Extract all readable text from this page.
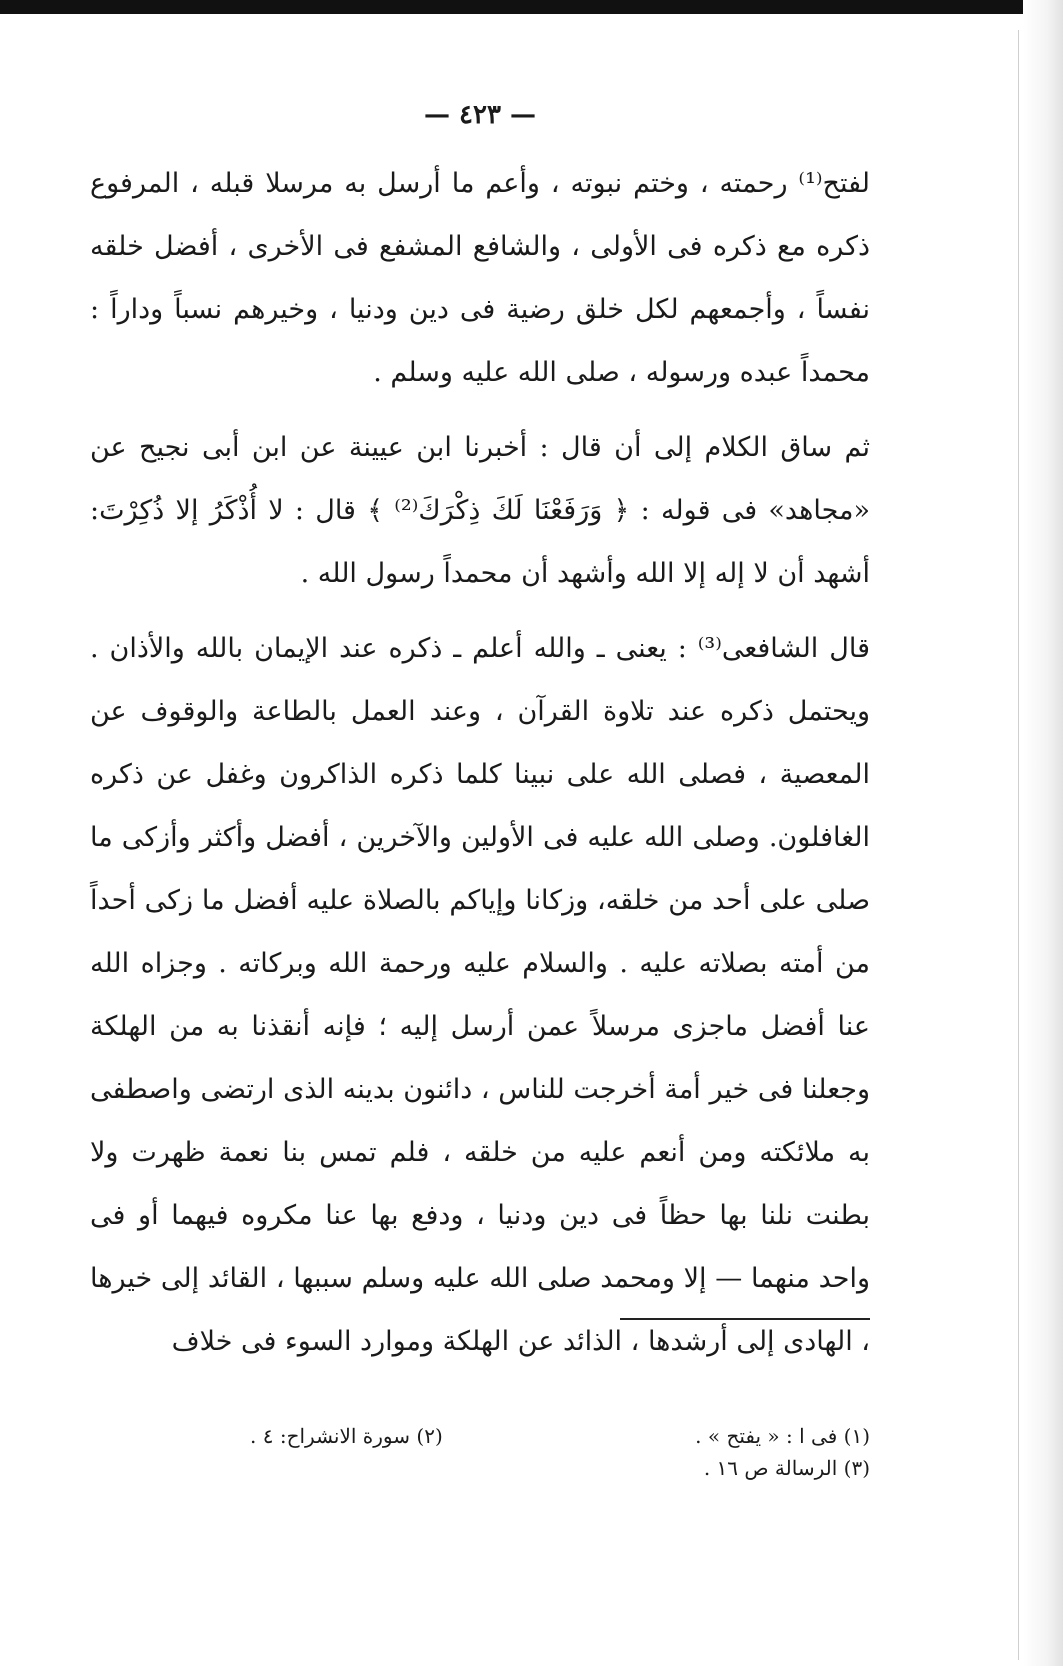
— ٤٢٣ —

لفتح⁽¹⁾ رحمته ، وختم نبوته ، وأعم ما أرسل به مرسلا قبله ، المرفوع ذكره مع ذكره فى الأولى ، والشافع المشفع فى الأخرى ، أفضل خلقه نفساً ، وأجمعهم لكل خلق رضية فى دين ودنيا ، وخيرهم نسباً وداراً : محمداً عبده ورسوله ، صلى الله عليه وسلم .

ثم ساق الكلام إلى أن قال : أخبرنا ابن عيينة عن ابن أبى نجيح عن «مجاهد» فى قوله : ﴿ وَرَفَعْنَا لَكَ ذِكْرَكَ⁽²⁾ ﴾ قال : لا أُذْكَرُ إلا ذُكِرْتَ: أشهد أن لا إله إلا الله وأشهد أن محمداً رسول الله .

قال الشافعى⁽³⁾ : يعنى ـ والله أعلم ـ ذكره عند الإيمان بالله والأذان . ويحتمل ذكره عند تلاوة القرآن ، وعند العمل بالطاعة والوقوف عن المعصية ، فصلى الله على نبينا كلما ذكره الذاكرون وغفل عن ذكره الغافلون. وصلى الله عليه فى الأولين والآخرين ، أفضل وأكثر وأزكى ما صلى على أحد من خلقه، وزكانا وإياكم بالصلاة عليه أفضل ما زكى أحداً من أمته بصلاته عليه . والسلام عليه ورحمة الله وبركاته . وجزاه الله عنا أفضل ماجزى مرسلاً عمن أرسل إليه ؛ فإنه أنقذنا به من الهلكة وجعلنا فى خير أمة أخرجت للناس ، دائنون بدينه الذى ارتضى واصطفى به ملائكته ومن أنعم عليه من خلقه ، فلم تمس بنا نعمة ظهرت ولا بطنت نلنا بها حظاً فى دين ودنيا ، ودفع بها عنا مكروه فيهما أو فى واحد منهما — إلا ومحمد صلى الله عليه وسلم سببها ، القائد إلى خيرها ، الهادى إلى أرشدها ، الذائد عن الهلكة وموارد السوء فى خلاف

(١) فى ا : « يفتح » .
(٢) سورة الانشراح: ٤ .
(٣) الرسالة ص ١٦ .
